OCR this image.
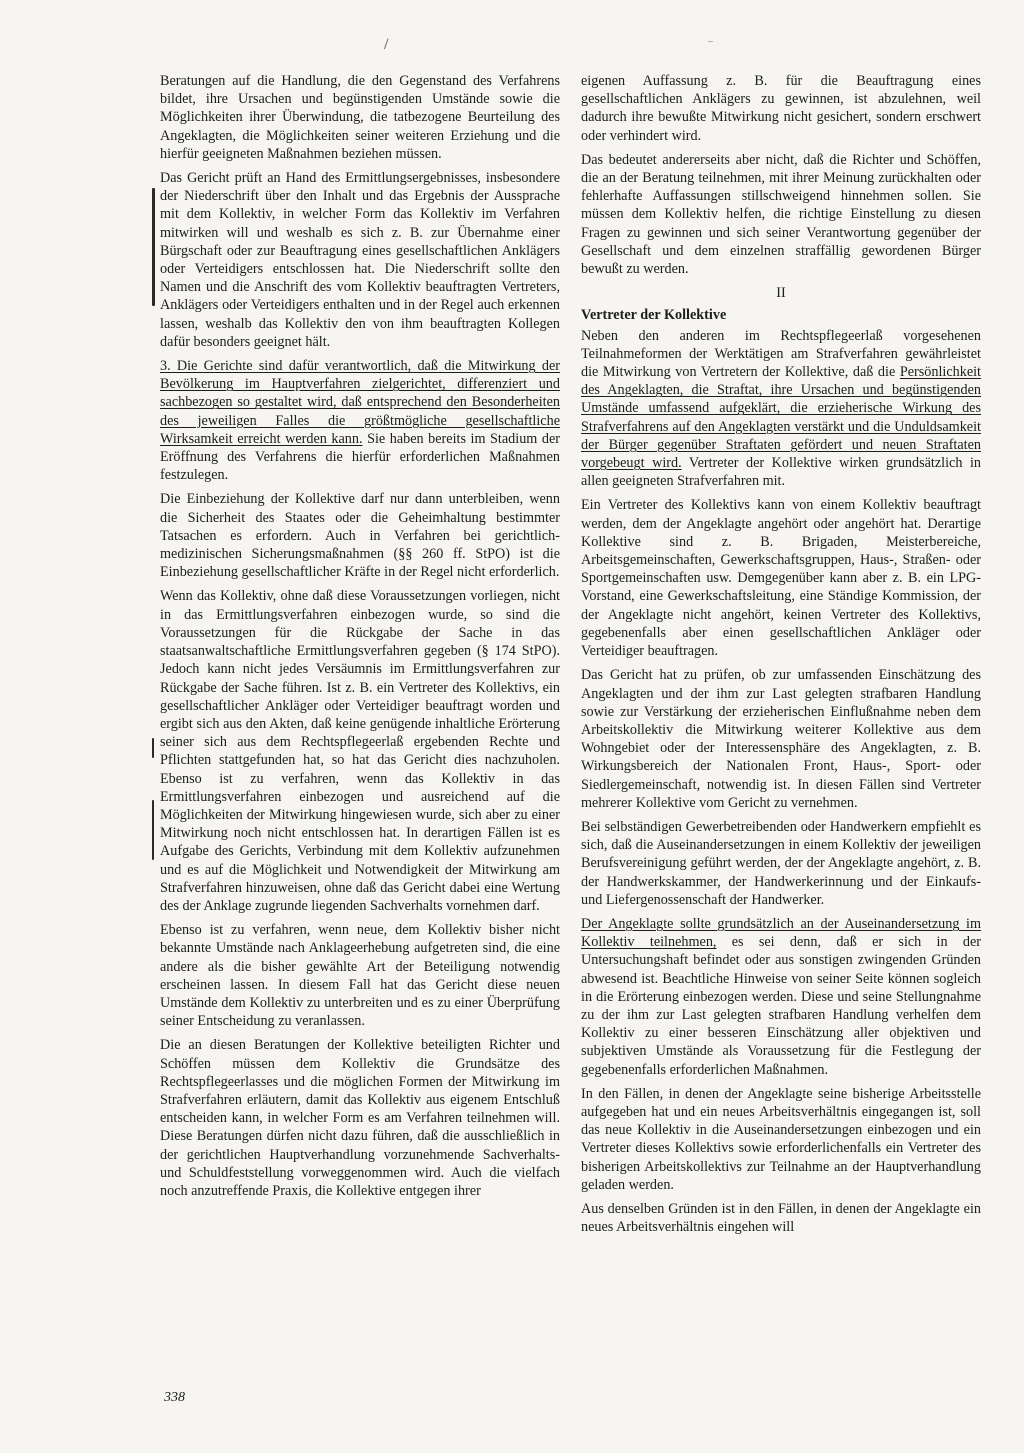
/	–

Beratungen auf die Handlung, die den Gegenstand des Verfahrens bildet, ihre Ursachen und begünstigenden Umstände sowie die Möglichkeiten ihrer Überwindung, die tatbezogene Beurteilung des Angeklagten, die Möglichkeiten seiner weiteren Erziehung und die hierfür geeigneten Maßnahmen beziehen müssen.

Das Gericht prüft an Hand des Ermittlungsergebnisses, insbesondere der Niederschrift über den Inhalt und das Ergebnis der Aussprache mit dem Kollektiv, in welcher Form das Kollektiv im Verfahren mitwirken will und weshalb es sich z. B. zur Übernahme einer Bürgschaft oder zur Beauftragung eines gesellschaftlichen Anklägers oder Verteidigers entschlossen hat. Die Niederschrift sollte den Namen und die Anschrift des vom Kollektiv beauftragten Vertreters, Anklägers oder Verteidigers enthalten und in der Regel auch erkennen lassen, weshalb das Kollektiv den von ihm beauftragten Kollegen dafür besonders geeignet hält.

3. Die Gerichte sind dafür verantwortlich, daß die Mitwirkung der Bevölkerung im Hauptverfahren zielgerichtet, differenziert und sachbezogen so gestaltet wird, daß entsprechend den Besonderheiten des jeweiligen Falles die größtmögliche gesellschaftliche Wirksamkeit erreicht werden kann. Sie haben bereits im Stadium der Eröffnung des Verfahrens die hierfür erforderlichen Maßnahmen festzulegen.

Die Einbeziehung der Kollektive darf nur dann unterbleiben, wenn die Sicherheit des Staates oder die Geheimhaltung bestimmter Tatsachen es erfordern. Auch in Verfahren bei gerichtlich-medizinischen Sicherungsmaßnahmen (§§ 260 ff. StPO) ist die Einbeziehung gesellschaftlicher Kräfte in der Regel nicht erforderlich.

Wenn das Kollektiv, ohne daß diese Voraussetzungen vorliegen, nicht in das Ermittlungsverfahren einbezogen wurde, so sind die Voraussetzungen für die Rückgabe der Sache in das staatsanwaltschaftliche Ermittlungsverfahren gegeben (§ 174 StPO). Jedoch kann nicht jedes Versäumnis im Ermittlungsverfahren zur Rückgabe der Sache führen. Ist z. B. ein Vertreter des Kollektivs, ein gesellschaftlicher Ankläger oder Verteidiger beauftragt worden und ergibt sich aus den Akten, daß keine genügende inhaltliche Erörterung seiner sich aus dem Rechtspflegeerlaß ergebenden Rechte und Pflichten stattgefunden hat, so hat das Gericht dies nachzuholen. Ebenso ist zu verfahren, wenn das Kollektiv in das Ermittlungsverfahren einbezogen und ausreichend auf die Möglichkeiten der Mitwirkung hingewiesen wurde, sich aber zu einer Mitwirkung noch nicht entschlossen hat. In derartigen Fällen ist es Aufgabe des Gerichts, Verbindung mit dem Kollektiv aufzunehmen und es auf die Möglichkeit und Notwendigkeit der Mitwirkung am Strafverfahren hinzuweisen, ohne daß das Gericht dabei eine Wertung des der Anklage zugrunde liegenden Sachverhalts vornehmen darf.

Ebenso ist zu verfahren, wenn neue, dem Kollektiv bisher nicht bekannte Umstände nach Anklageerhebung aufgetreten sind, die eine andere als die bisher gewählte Art der Beteiligung notwendig erscheinen lassen. In diesem Fall hat das Gericht diese neuen Umstände dem Kollektiv zu unterbreiten und es zu einer Überprüfung seiner Entscheidung zu veranlassen.

Die an diesen Beratungen der Kollektive beteiligten Richter und Schöffen müssen dem Kollektiv die Grundsätze des Rechtspflegeerlasses und die möglichen Formen der Mitwirkung im Strafverfahren erläutern, damit das Kollektiv aus eigenem Entschluß entscheiden kann, in welcher Form es am Verfahren teilnehmen will. Diese Beratungen dürfen nicht dazu führen, daß die ausschließlich in der gerichtlichen Hauptverhandlung vorzunehmende Sachverhalts- und Schuldfeststellung vorweggenommen wird. Auch die vielfach noch anzutreffende Praxis, die Kollektive entgegen ihrer

eigenen Auffassung z. B. für die Beauftragung eines gesellschaftlichen Anklägers zu gewinnen, ist abzulehnen, weil dadurch ihre bewußte Mitwirkung nicht gesichert, sondern erschwert oder verhindert wird.

Das bedeutet andererseits aber nicht, daß die Richter und Schöffen, die an der Beratung teilnehmen, mit ihrer Meinung zurückhalten oder fehlerhafte Auffassungen stillschweigend hinnehmen sollen. Sie müssen dem Kollektiv helfen, die richtige Einstellung zu diesen Fragen zu gewinnen und sich seiner Verantwortung gegenüber der Gesellschaft und dem einzelnen straffällig gewordenen Bürger bewußt zu werden.

II
Vertreter der Kollektive

Neben den anderen im Rechtspflegeerlaß vorgesehenen Teilnahmeformen der Werktätigen am Strafverfahren gewährleistet die Mitwirkung von Vertretern der Kollektive, daß die Persönlichkeit des Angeklagten, die Straftat, ihre Ursachen und begünstigenden Umstände umfassend aufgeklärt, die erzieherische Wirkung des Strafverfahrens auf den Angeklagten verstärkt und die Unduldsamkeit der Bürger gegenüber Straftaten gefördert und neuen Straftaten vorgebeugt wird. Vertreter der Kollektive wirken grundsätzlich in allen geeigneten Strafverfahren mit.

Ein Vertreter des Kollektivs kann von einem Kollektiv beauftragt werden, dem der Angeklagte angehört oder angehört hat. Derartige Kollektive sind z. B. Brigaden, Meisterbereiche, Arbeitsgemeinschaften, Gewerkschaftsgruppen, Haus-, Straßen- oder Sportgemeinschaften usw. Demgegenüber kann aber z. B. ein LPG-Vorstand, eine Gewerkschaftsleitung, eine Ständige Kommission, der der Angeklagte nicht angehört, keinen Vertreter des Kollektivs, gegebenenfalls aber einen gesellschaftlichen Ankläger oder Verteidiger beauftragen.

Das Gericht hat zu prüfen, ob zur umfassenden Einschätzung des Angeklagten und der ihm zur Last gelegten strafbaren Handlung sowie zur Verstärkung der erzieherischen Einflußnahme neben dem Arbeitskollektiv die Mitwirkung weiterer Kollektive aus dem Wohngebiet oder der Interessensphäre des Angeklagten, z. B. Wirkungsbereich der Nationalen Front, Haus-, Sport- oder Siedlergemeinschaft, notwendig ist. In diesen Fällen sind Vertreter mehrerer Kollektive vom Gericht zu vernehmen.

Bei selbständigen Gewerbetreibenden oder Handwerkern empfiehlt es sich, daß die Auseinandersetzungen in einem Kollektiv der jeweiligen Berufsvereinigung geführt werden, der der Angeklagte angehört, z. B. der Handwerkskammer, der Handwerkerinnung und der Einkaufs- und Liefergenossenschaft der Handwerker.

Der Angeklagte sollte grundsätzlich an der Auseinandersetzung im Kollektiv teilnehmen, es sei denn, daß er sich in der Untersuchungshaft befindet oder aus sonstigen zwingenden Gründen abwesend ist. Beachtliche Hinweise von seiner Seite können sogleich in die Erörterung einbezogen werden. Diese und seine Stellungnahme zu der ihm zur Last gelegten strafbaren Handlung verhelfen dem Kollektiv zu einer besseren Einschätzung aller objektiven und subjektiven Umstände als Voraussetzung für die Festlegung der gegebenenfalls erforderlichen Maßnahmen.

In den Fällen, in denen der Angeklagte seine bisherige Arbeitsstelle aufgegeben hat und ein neues Arbeitsverhältnis eingegangen ist, soll das neue Kollektiv in die Auseinandersetzungen einbezogen und ein Vertreter dieses Kollektivs sowie erforderlichenfalls ein Vertreter des bisherigen Arbeitskollektivs zur Teilnahme an der Hauptverhandlung geladen werden.

Aus denselben Gründen ist in den Fällen, in denen der Angeklagte ein neues Arbeitsverhältnis eingehen will

338
